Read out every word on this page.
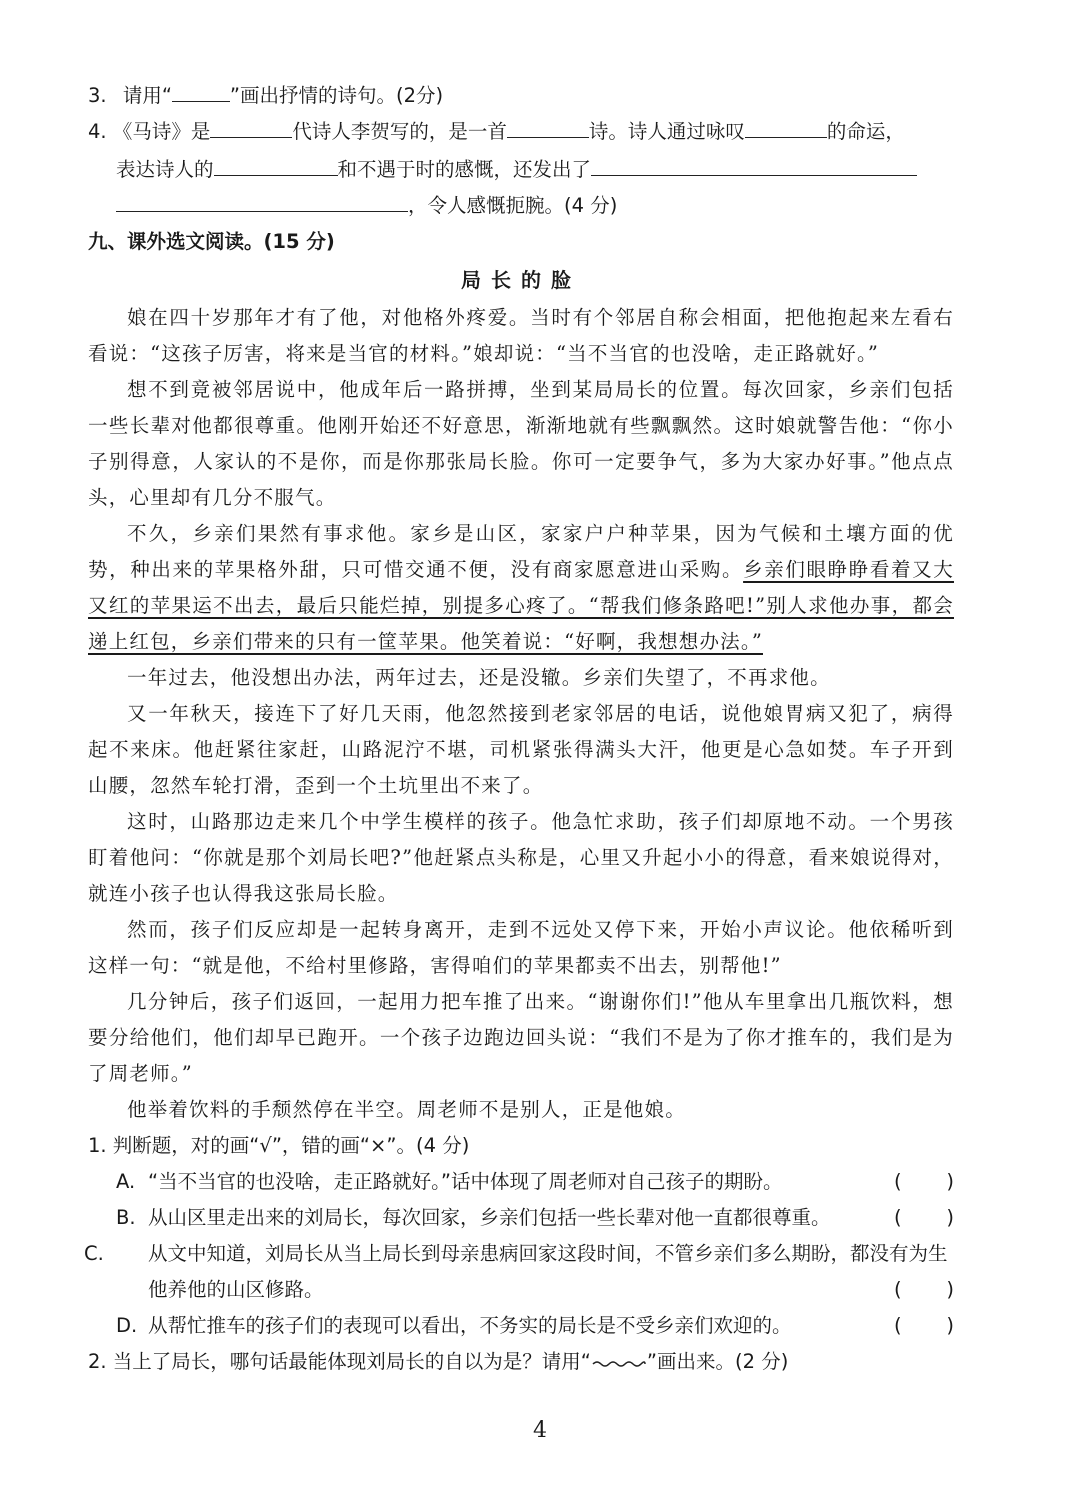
3. 请用“	”画出抒情的诗句。(2分)
4. 《马诗》是	代诗人李贺写的，是一首	诗。诗人通过咏叹	的命运，
表达诗人的	和不遇于时的感慨，还发出了
，令人感慨扼腕。(4 分)
九、课外选文阅读。(15 分)
局长的脸
娘在四十岁那年才有了他，对他格外疼爱。当时有个邻居自称会相面，把他抱起来左看右看说：“这孩子厉害，将来是当官的材料。”娘却说：“当不当官的也没啥，走正路就好。”
想不到竟被邻居说中，他成年后一路拼搏，坐到某局局长的位置。每次回家，乡亲们包括一些长辈对他都很尊重。他刚开始还不好意思，渐渐地就有些飘飘然。这时娘就警告他：“你小子别得意，人家认的不是你，而是你那张局长脸。你可一定要争气，多为大家办好事。”他点点头，心里却有几分不服气。
不久，乡亲们果然有事求他。家乡是山区，家家户户种苹果，因为气候和土壤方面的优势，种出来的苹果格外甜，只可惜交通不便，没有商家愿意进山采购。乡亲们眼睁睁看着又大又红的苹果运不出去，最后只能烂掉，别提多心疼了。“帮我们修条路吧!”别人求他办事，都会递上红包，乡亲们带来的只有一筐苹果。他笑着说：“好啊，我想想办法。”
一年过去，他没想出办法，两年过去，还是没辙。乡亲们失望了，不再求他。
又一年秋天，接连下了好几天雨，他忽然接到老家邻居的电话，说他娘胃病又犯了，病得起不来床。他赶紧往家赶，山路泥泞不堪，司机紧张得满头大汗，他更是心急如焚。车子开到山腰，忽然车轮打滑，歪到一个土坑里出不来了。
这时，山路那边走来几个中学生模样的孩子。他急忙求助，孩子们却原地不动。一个男孩盯着他问：“你就是那个刘局长吧?”他赶紧点头称是，心里又升起小小的得意，看来娘说得对，就连小孩子也认得我这张局长脸。
然而，孩子们反应却是一起转身离开，走到不远处又停下来，开始小声议论。他依稀听到这样一句：“就是他，不给村里修路，害得咱们的苹果都卖不出去，别帮他!”
几分钟后，孩子们返回，一起用力把车推了出来。“谢谢你们!”他从车里拿出几瓶饮料，想要分给他们，他们却早已跑开。一个孩子边跑边回头说：“我们不是为了你才推车的，我们是为了周老师。”
他举着饮料的手颓然停在半空。周老师不是别人，正是他娘。
1. 判断题，对的画“√”，错的画“×”。(4 分)
A. “当不当官的也没啥，走正路就好。”话中体现了周老师对自己孩子的期盼。	( )
B. 从山区里走出来的刘局长，每次回家，乡亲们包括一些长辈对他一直都很尊重。	( )
C. 从文中知道，刘局长从当上局长到母亲患病回家这段时间，不管乡亲们多么期盼，都没有为生他养他的山区修路。	( )
D. 从帮忙推车的孩子们的表现可以看出，不务实的局长是不受乡亲们欢迎的。	( )
2. 当上了局长，哪句话最能体现刘局长的自以为是？请用“	”画出来。(2 分)
4
